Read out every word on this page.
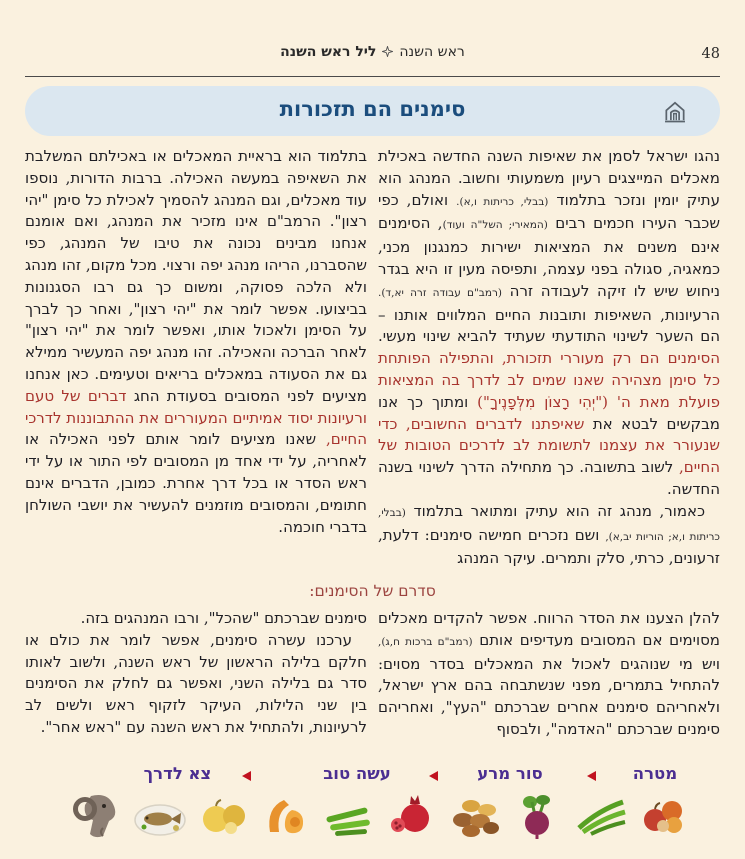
ראש השנהליל ראש השנה	48
סימנים הם תזכורות

נהגו ישראל לסמן את שאיפות השנה החדשה באכילת מאכלים המייצגים רעיון משמעותי וחשוב. המנהג הוא עתיק יומין ונזכר בתלמוד (בבלי, כריתות ו,א). ואולם, כפי שכבר העירו חכמים רבים (המאירי; השל"ה ועוד), הסימנים אינם משנים את המציאות ישירות כמנגנון מכני, כמאגיה, סגולה בפני עצמה, ותפיסה מעין זו היא בגדר ניחוש שיש לו זיקה לעבודה זרה (רמב"ם עבודה זרה יא,ד). הרעיונות, השאיפות ותובנות החיים המלווים אותנו – הם השער לשינוי התודעתי שעתיד להביא שינוי מעשי. הסימנים הם רק מעוררי תזכורת, והתפילה הפותחת כל סימן מצהירה שאנו שמים לב לדרך בה המציאות פועלת מאת ה' ("יְהִי רָצוֹן מִלְּפָנֶיךָ") ומתוך כך אנו מבקשים לבטא את שאיפתנו לדברים החשובים, כדי שנעורר את עצמנו לתשומת לב לדרכים הטובות של החיים, לשוב בתשובה. כך מתחילה הדרך לשינוי בשנה החדשה.

כאמור, מנהג זה הוא עתיק ומתואר בתלמוד (בבלי, כריתות ו,א; הוריות יב,א), ושם נזכרים חמישה סימנים: דלעת, זרעונים, כרתי, סלק ותמרים. עיקר המנהג

בתלמוד הוא בראיית המאכלים או באכילתם המשלבת את השאיפה במעשה האכילה. ברבות הדורות, נוספו עוד מאכלים, וגם המנהג להסמיך לאכילת כל סימן "יהי רצון". הרמב"ם אינו מזכיר את המנהג, ואם אומנם אנחנו מבינים נכונה את טיבו של המנהג, כפי שהסברנו, הריהו מנהג יפה ורצוי. מכל מקום, זהו מנהג ולא הלכה פסוקה, ומשום כך גם רבו הסגנונות בביצועו. אפשר לומר את "יהי רצון", ואחר כך לברך על הסימן ולאכול אותו, ואפשר לומר את "יהי רצון" לאחר הברכה והאכילה. זהו מנהג יפה המעשיר ממילא גם את הסעודה במאכלים בריאים וטעימים. כאן אנחנו מציעים לפני המסובים בסעודת החג דברים של טעם ורעיונות יסוד אמיתיים המעוררים את ההתבוננות לדרכי החיים, שאנו מציעים לומר אותם לפני האכילה או לאחריה, על ידי אחד מן המסובים לפי התור או על ידי ראש הסדר או בכל דרך אחרת. כמובן, הדברים אינם חתומים, והמסובים מוזמנים להעשיר את יושבי השולחן בדברי חוכמה.

סדרם של הסימנים:

להלן הצענו את הסדר הרווח. אפשר להקדים מאכלים מסוימים אם המסובים מעדיפים אותם (רמב"ם ברכות ח,ג), ויש מי שנוהגים לאכול את המאכלים בסדר מסוים: להתחיל בתמרים, מפני שנשתבחה בהם ארץ ישראל, ולאחריהם סימנים אחרים שברכתם "העץ", ואחריהם סימנים שברכתם "האדמה", ולבסוף

סימנים שברכתם "שהכל", ורבו המנהגים בזה.

ערכנו עשרה סימנים, אפשר לומר את כולם או חלקם בלילה הראשון של ראש השנה, ולשוב לאותו סדר גם בלילה השני, ואפשר גם לחלק את הסימנים בין שני הלילות, העיקר לזקוף ראש ולשים לב לרעיונות, ולהתחיל את ראש השנה עם "ראש אחר".

מטרה
סור מרע
עשה טוב
צא לדרך
